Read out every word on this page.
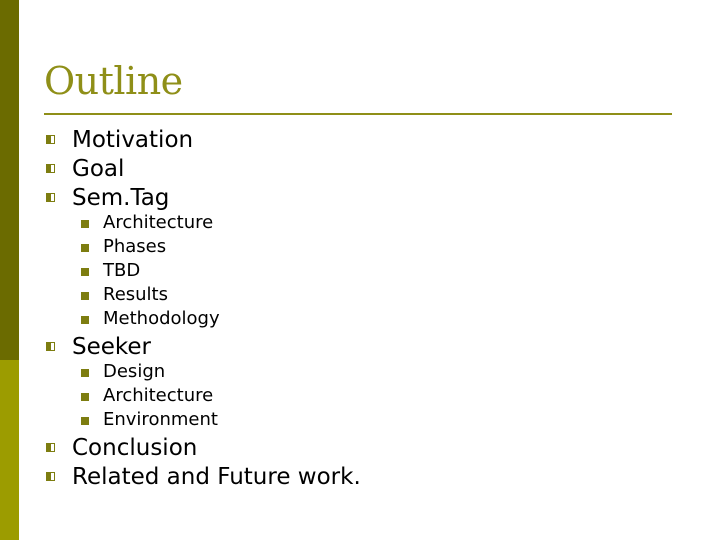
Outline
Motivation
Goal
Sem.Tag
Architecture
Phases
TBD
Results
Methodology
Seeker
Design
Architecture
Environment
Conclusion
Related and Future work.
